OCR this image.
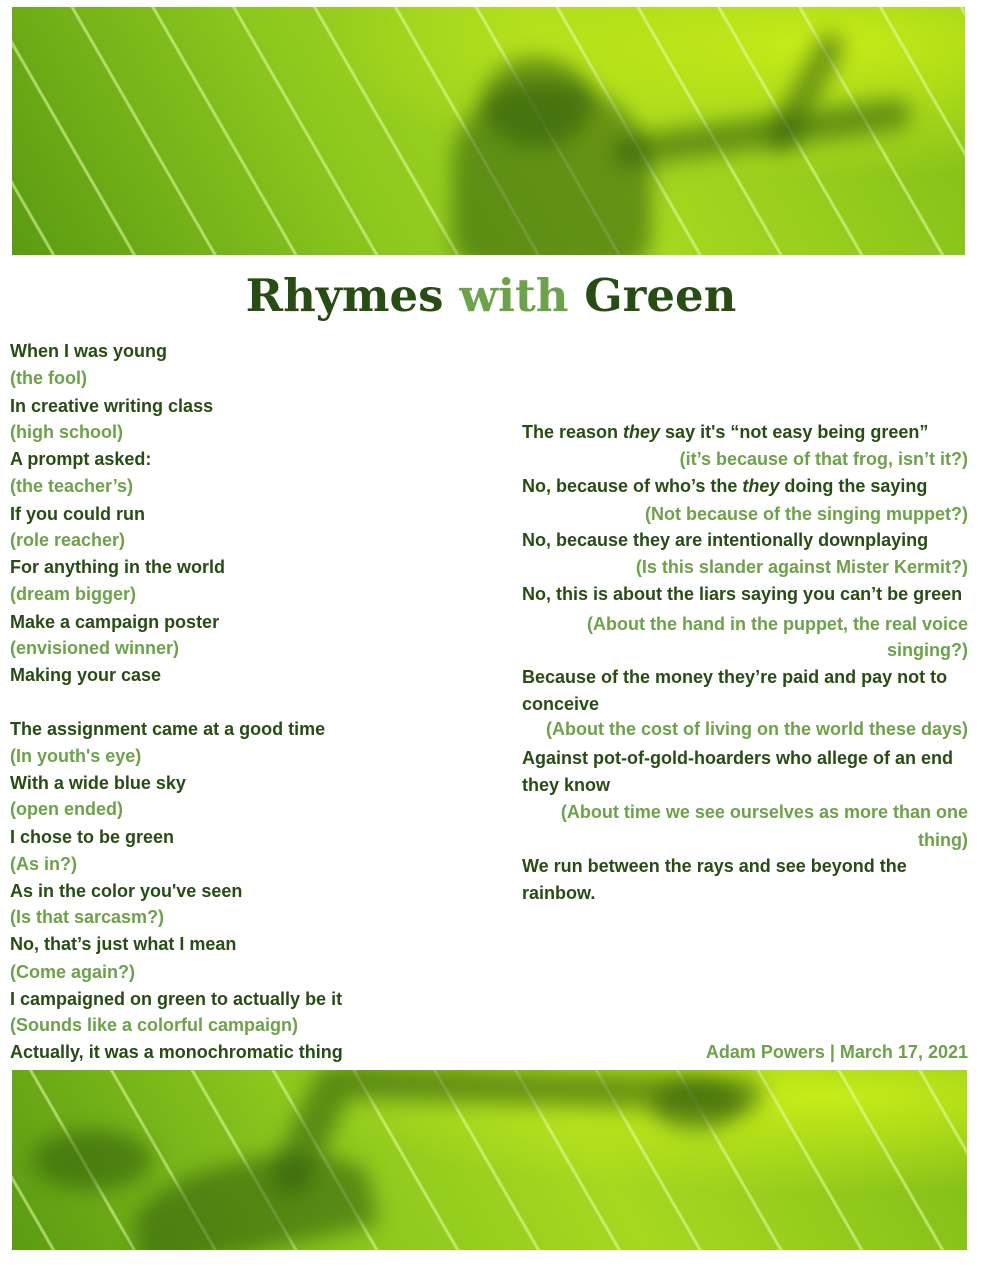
Rhymes with Green
When I was young
(the fool)
In creative writing class
(high school)
A prompt asked:
(the teacher’s)
If you could run
(role reacher)
For anything in the world
(dream bigger)
Make a campaign poster
(envisioned winner)
Making your case
The assignment came at a good time
(In youth's eye)
With a wide blue sky
(open ended)
I chose to be green
(As in?)
As in the color you've seen
(Is that sarcasm?)
No, that’s just what I mean
(Come again?)
I campaigned on green to actually be it
(Sounds like a colorful campaign)
Actually, it was a monochromatic thing
The reason they say it's “not easy being green”
(it’s because of that frog, isn’t it?)
No, because of who’s the they doing the saying
(Not because of the singing muppet?)
No, because they are intentionally downplaying
(Is this slander against Mister Kermit?)
No, this is about the liars saying you can’t be green
(About the hand in the puppet, the real voice singing?)
Because of the money they’re paid and pay not to conceive
(About the cost of living on the world these days)
Against pot-of-gold-hoarders who allege of an end they know
(About time we see ourselves as more than one thing)
We run between the rays and see beyond the rainbow.
Adam Powers | March 17, 2021
